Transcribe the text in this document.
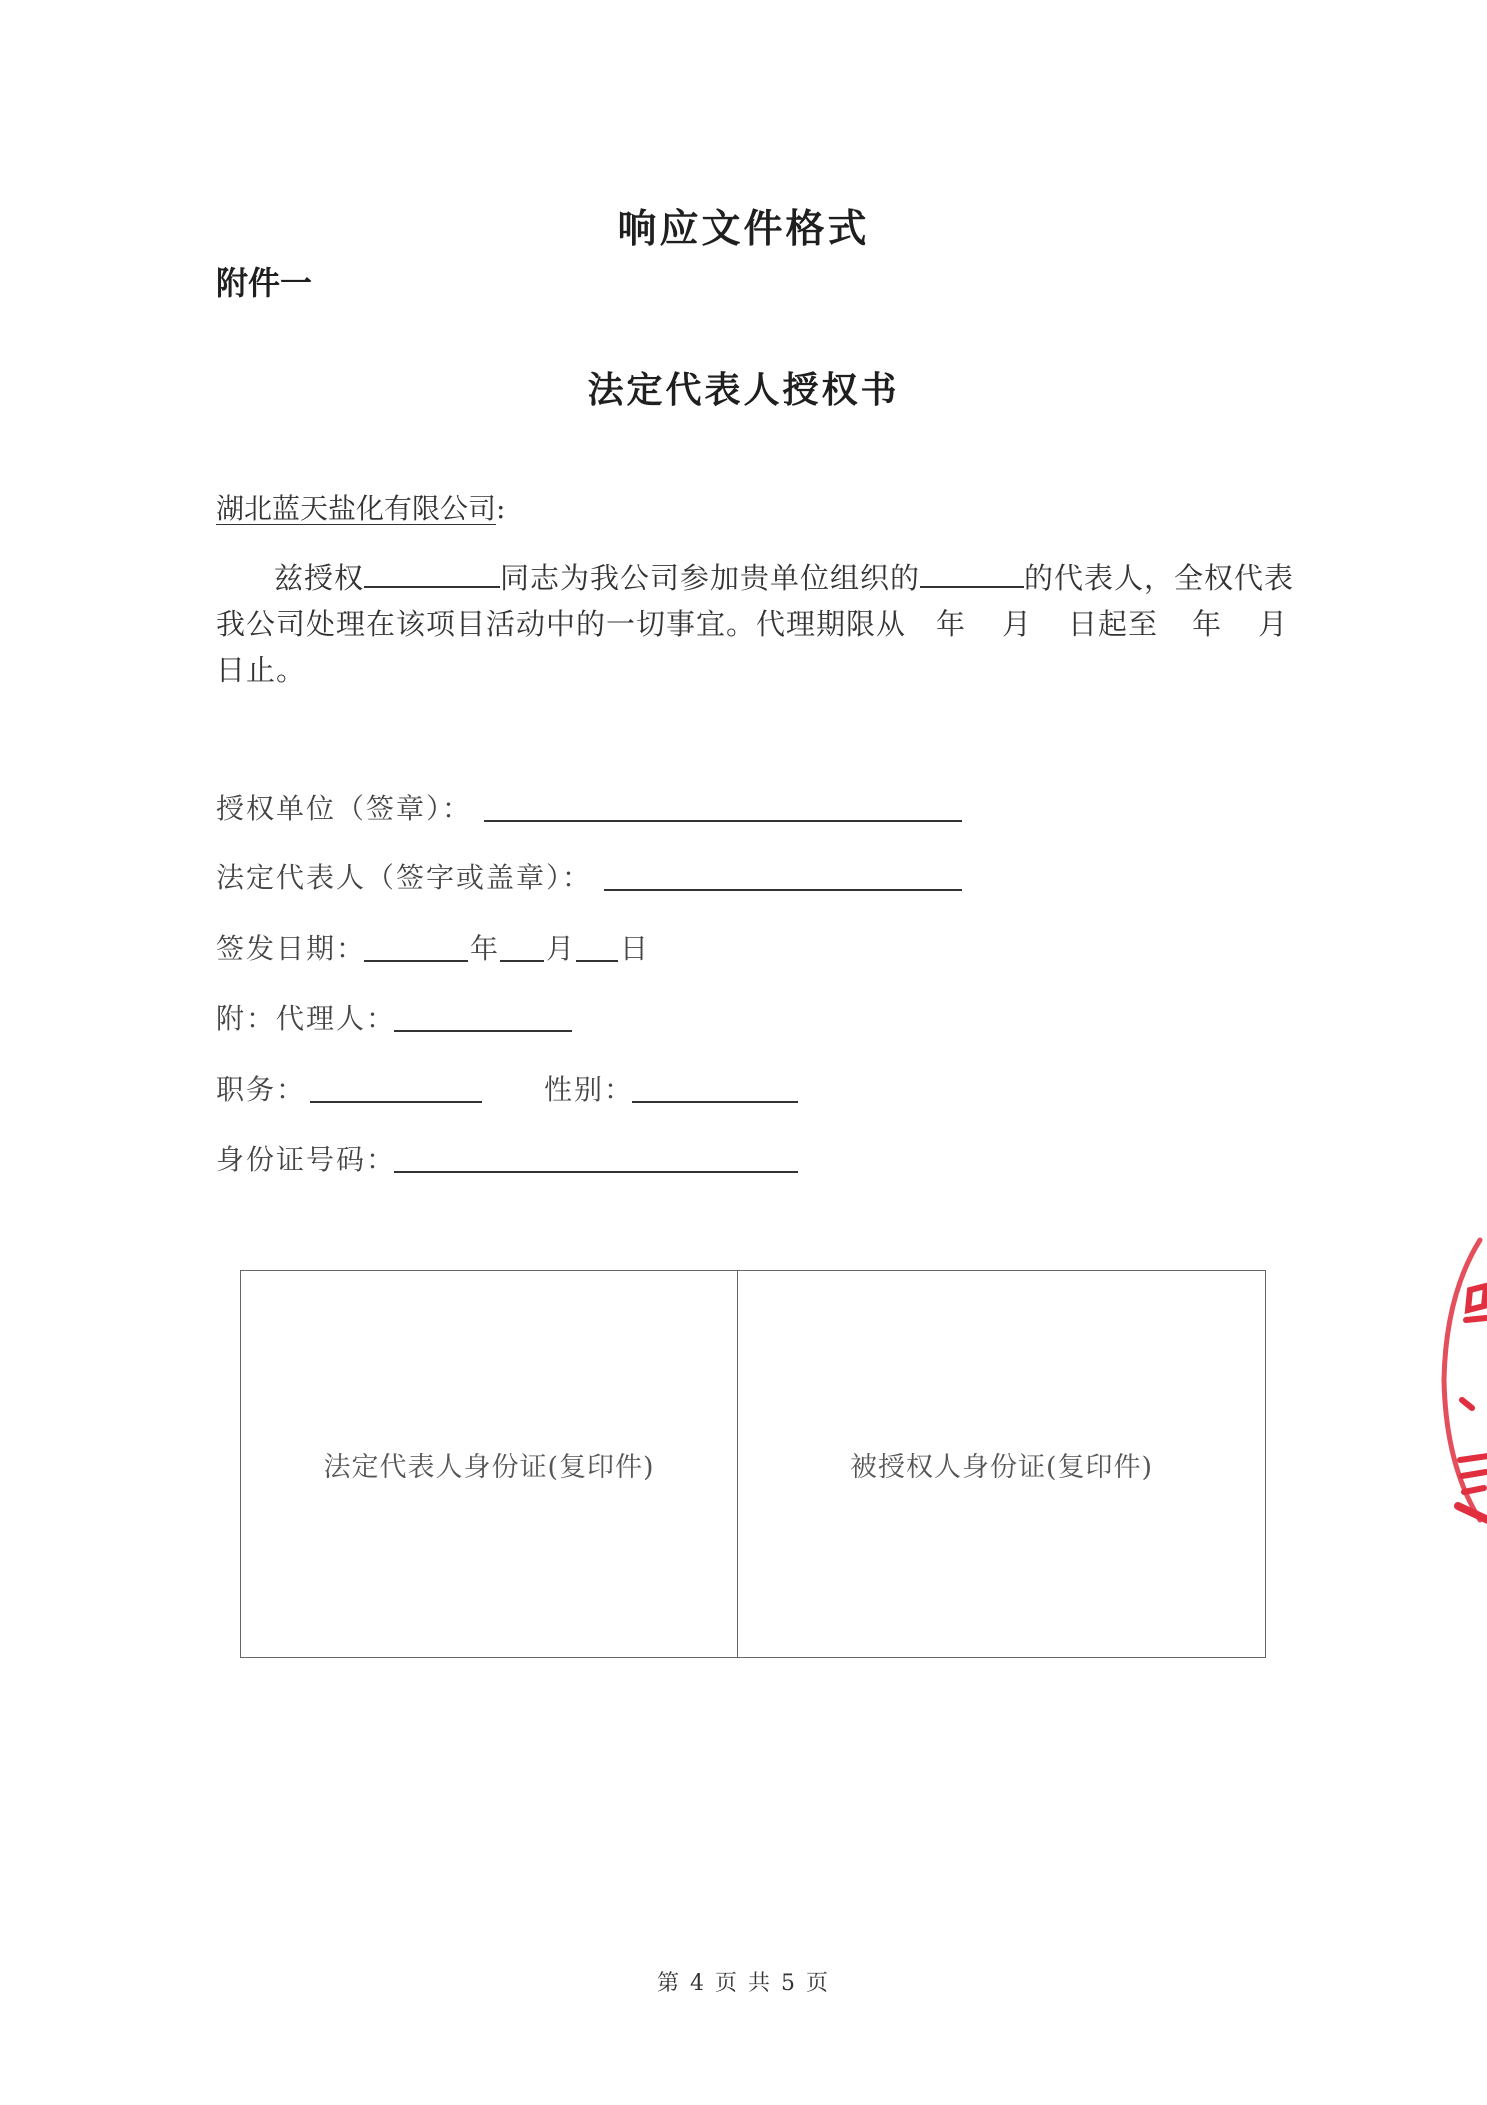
响应文件格式
附件一
法定代表人授权书
湖北蓝天盐化有限公司:
兹授权	同志为我公司参加贵单位组织的	的代表人，全权代表
我公司处理在该项目活动中的一切事宜。代理期限从 年 月 日起至 年 月
日止。
授权单位（签章）：
法定代表人（签字或盖章）：
签发日期：	年 月 日
附：代理人：
职务：	性别：
身份证号码：
法定代表人身份证(复印件)	被授权人身份证(复印件)
第 4 页 共 5 页
